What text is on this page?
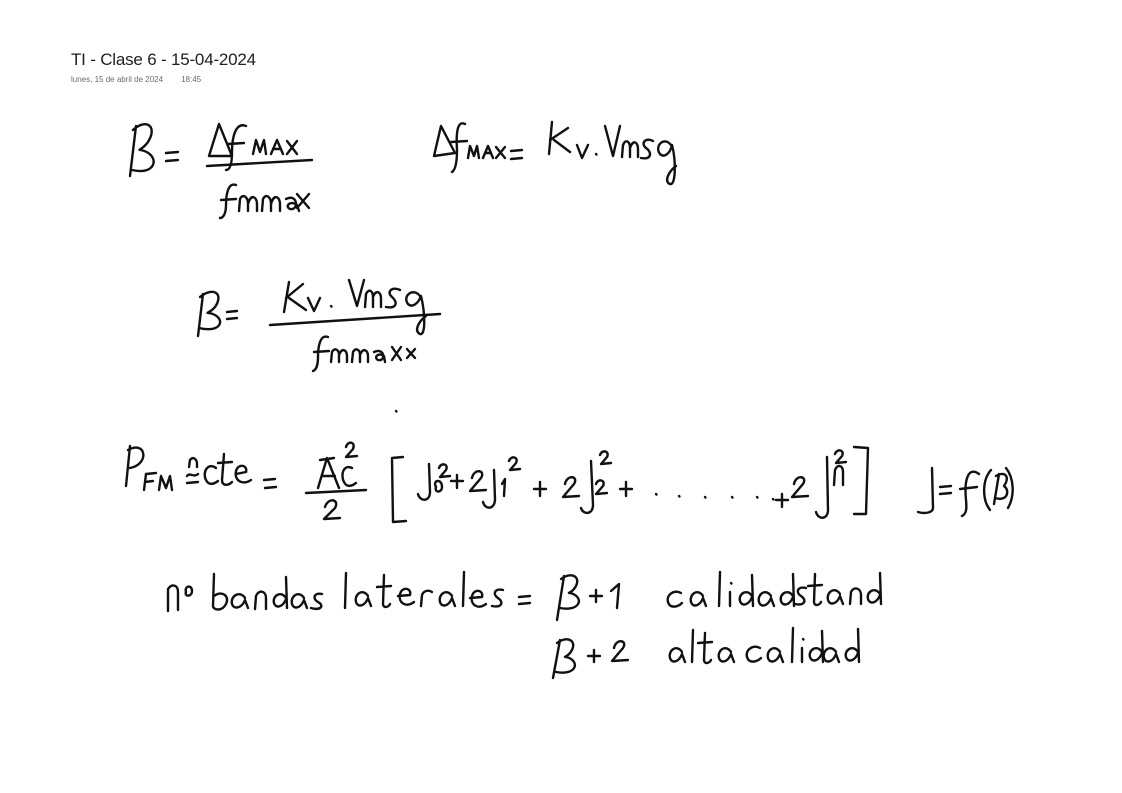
TI - Clase 6 - 15-04-2024
lunes, 15 de abril de 2024 18:45
